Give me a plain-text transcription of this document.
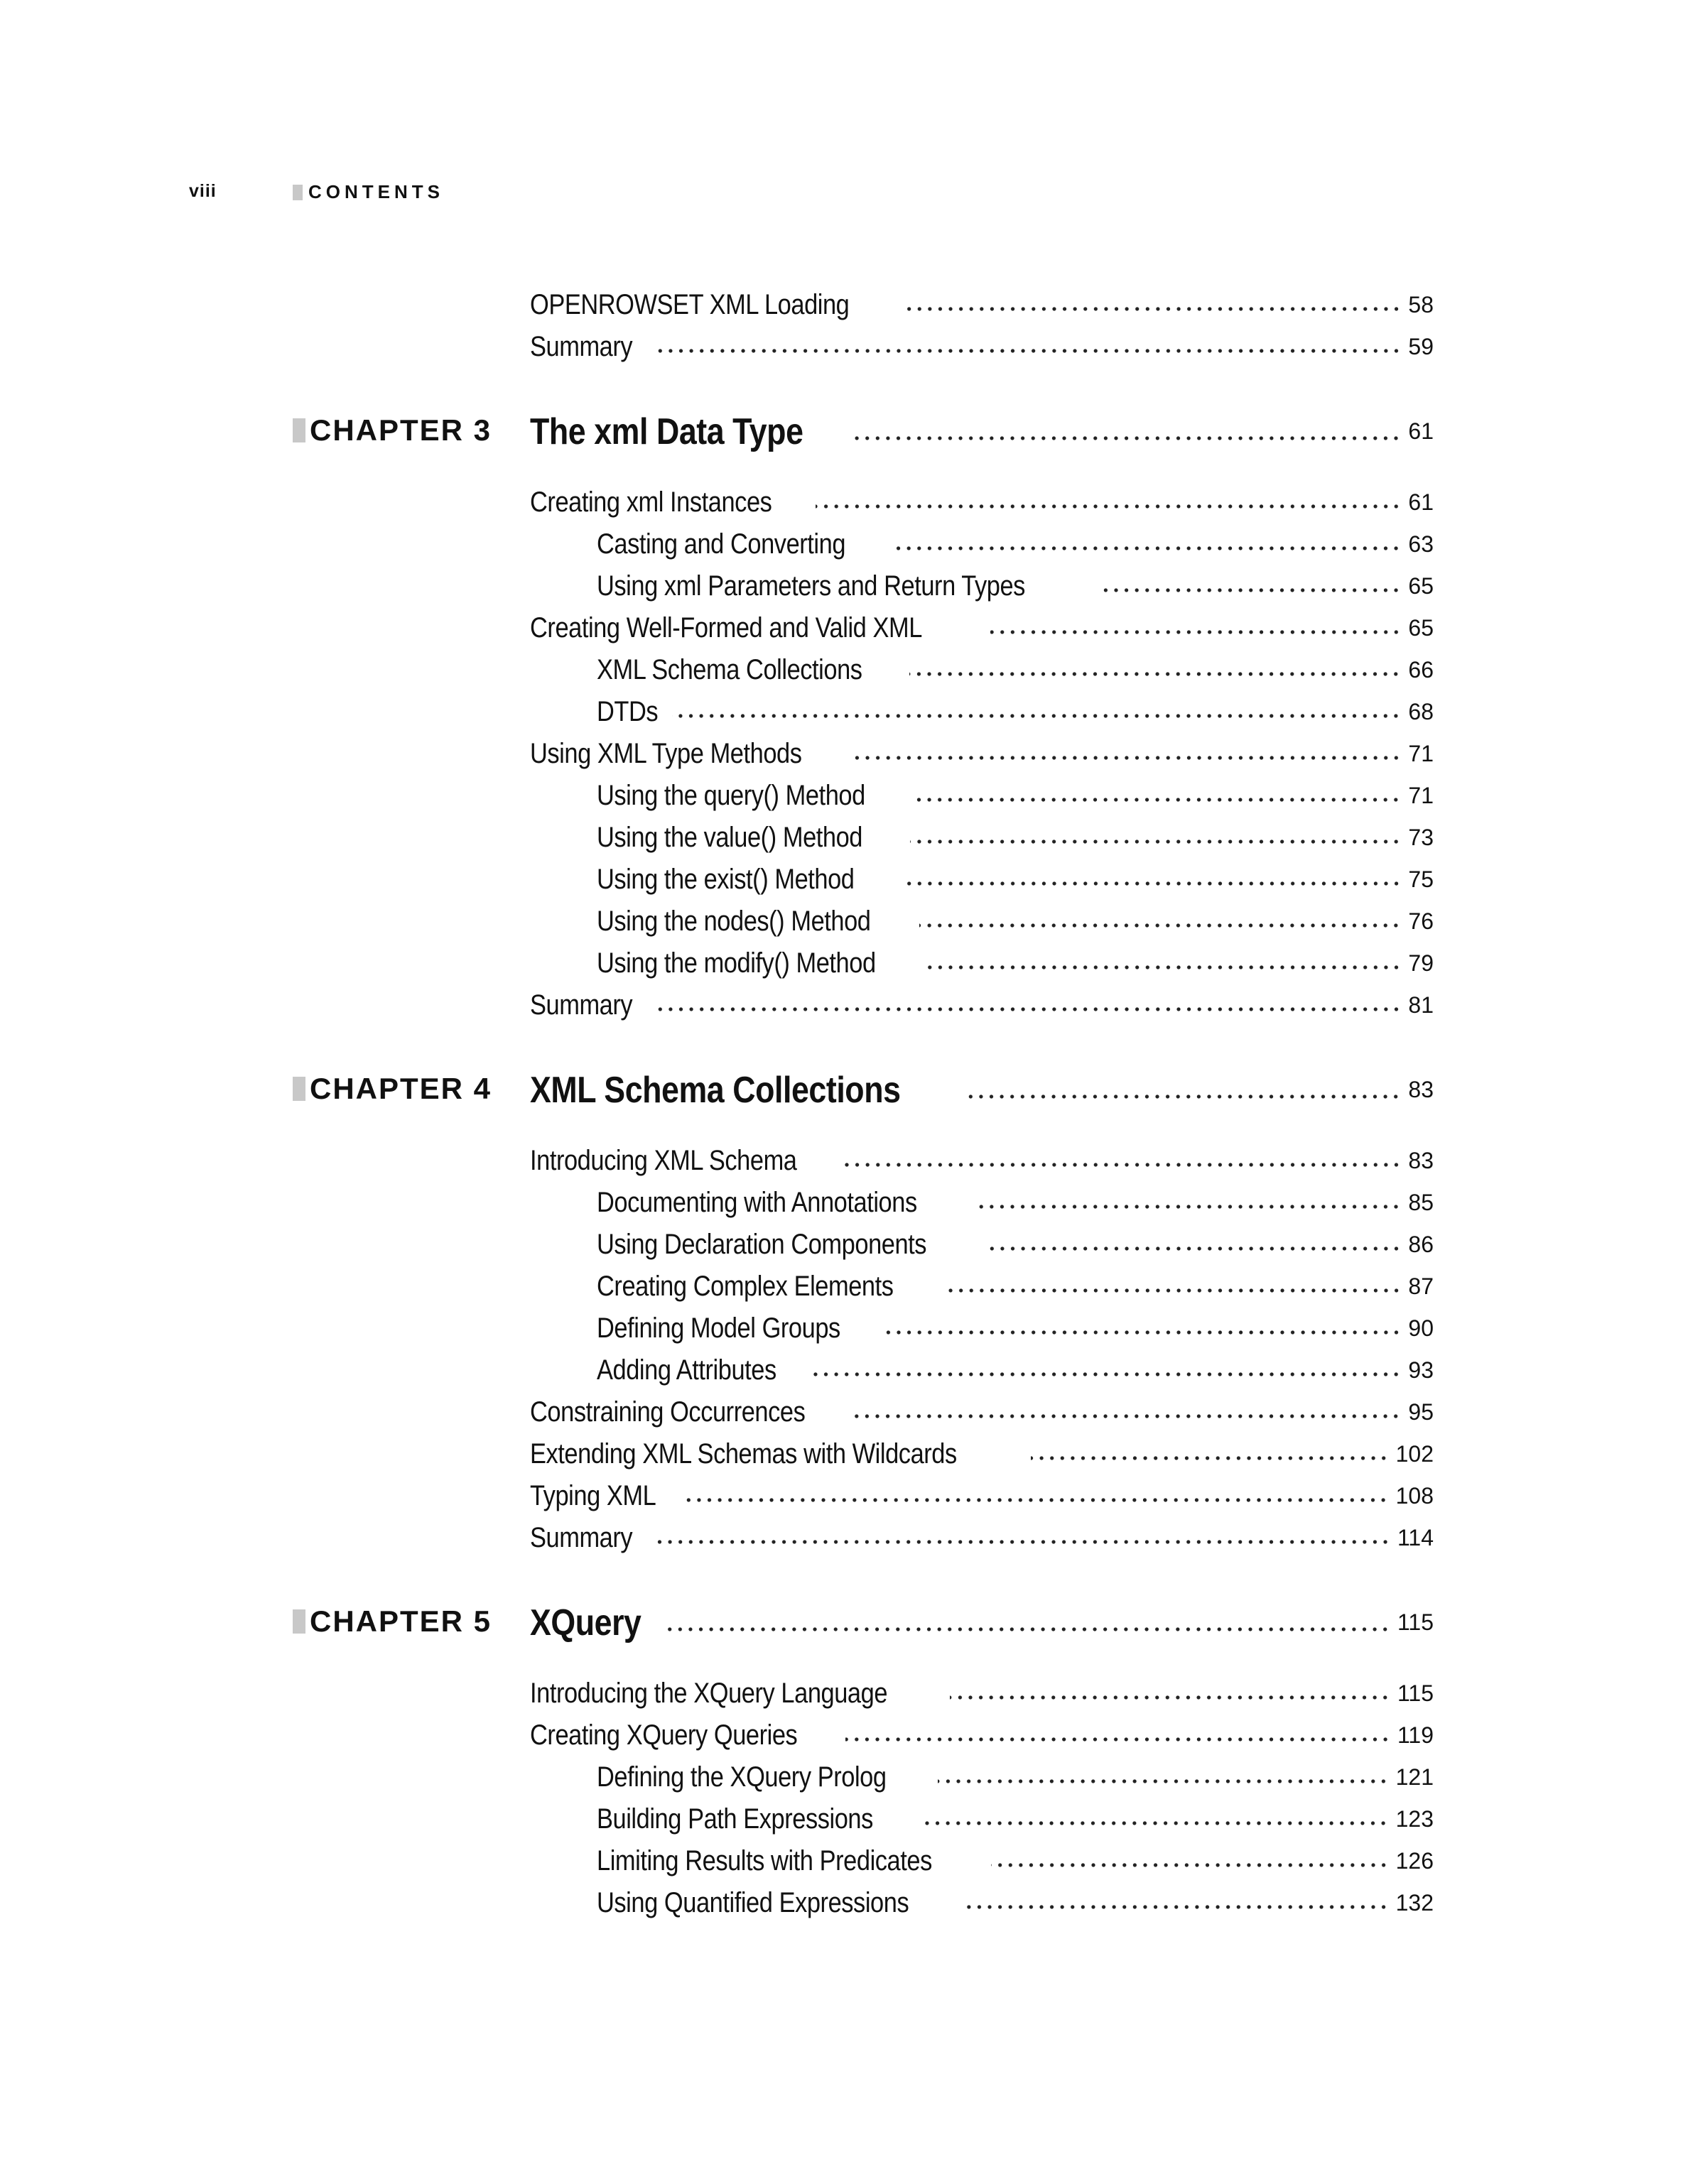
viii	CONTENTS
OPENROWSET XML Loading	58
Summary	59
CHAPTER 3 The xml Data Type	61
Creating xml Instances	61
Casting and Converting	63
Using xml Parameters and Return Types	65
Creating Well-Formed and Valid XML	65
XML Schema Collections	66
DTDs	68
Using XML Type Methods	71
Using the query() Method	71
Using the value() Method	73
Using the exist() Method	75
Using the nodes() Method	76
Using the modify() Method	79
Summary	81
CHAPTER 4 XML Schema Collections	83
Introducing XML Schema	83
Documenting with Annotations	85
Using Declaration Components	86
Creating Complex Elements	87
Defining Model Groups	90
Adding Attributes	93
Constraining Occurrences	95
Extending XML Schemas with Wildcards	102
Typing XML	108
Summary	114
CHAPTER 5 XQuery	115
Introducing the XQuery Language	115
Creating XQuery Queries	119
Defining the XQuery Prolog	121
Building Path Expressions	123
Limiting Results with Predicates	126
Using Quantified Expressions	132
